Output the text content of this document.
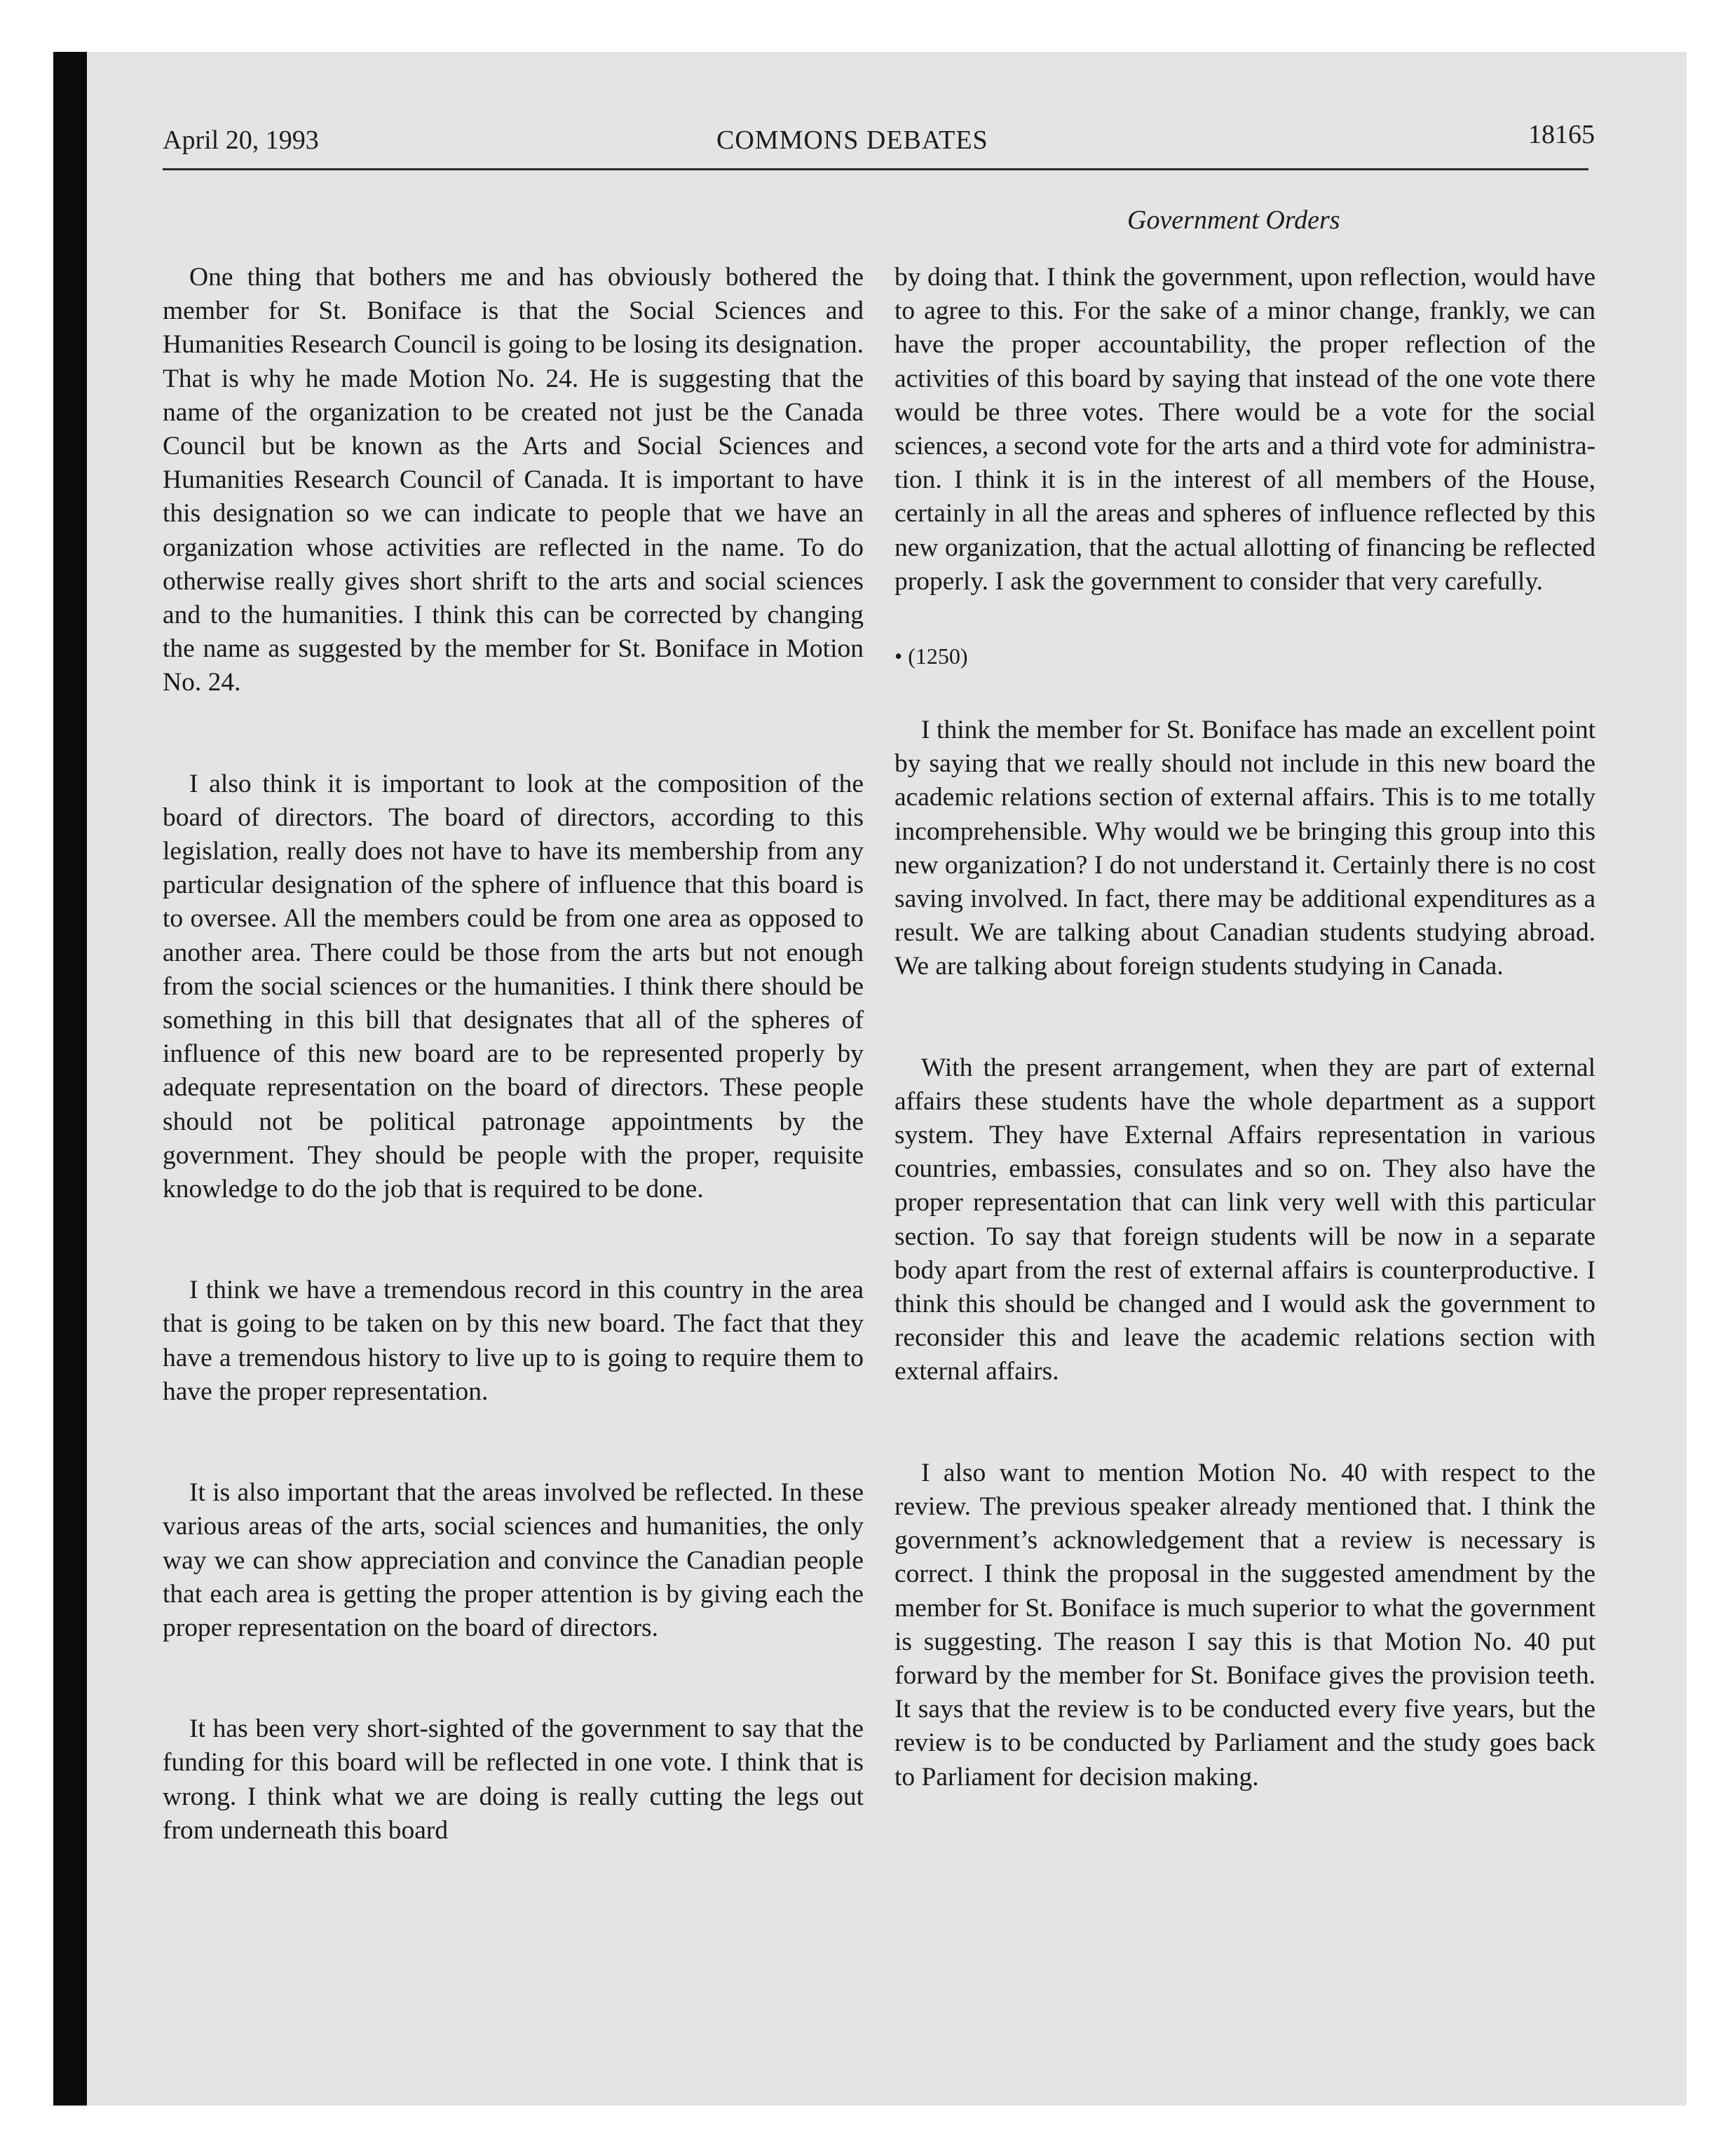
April 20, 1993	COMMONS DEBATES	18165
Government Orders

One thing that bothers me and has obviously bothered the member for St. Boniface is that the Social Sciences and Humanities Research Council is going to be losing its designation. That is why he made Motion No. 24. He is suggesting that the name of the organization to be created not just be the Canada Council but be known as the Arts and Social Sciences and Humanities Research Council of Canada. It is important to have this designation so we can indicate to people that we have an organization whose activities are reflected in the name. To do otherwise really gives short shrift to the arts and social sciences and to the humanities. I think this can be corrected by changing the name as suggested by the member for St. Boniface in Motion No. 24.

I also think it is important to look at the composition of the board of directors. The board of directors, according to this legislation, really does not have to have its membership from any particular designation of the sphere of influence that this board is to oversee. All the members could be from one area as opposed to another area. There could be those from the arts but not enough from the social sciences or the humanities. I think there should be something in this bill that designates that all of the spheres of influence of this new board are to be represented properly by adequate representation on the board of directors. These people should not be political patronage appointments by the government. They should be people with the proper, requisite knowledge to do the job that is required to be done.

I think we have a tremendous record in this country in the area that is going to be taken on by this new board. The fact that they have a tremendous history to live up to is going to require them to have the proper representation.

It is also important that the areas involved be reflected. In these various areas of the arts, social sciences and humanities, the only way we can show appreciation and convince the Canadian people that each area is getting the proper attention is by giving each the proper representation on the board of directors.

It has been very short-sighted of the government to say that the funding for this board will be reflected in one vote. I think that is wrong. I think what we are doing is really cutting the legs out from underneath this board

by doing that. I think the government, upon reflection, would have to agree to this. For the sake of a minor change, frankly, we can have the proper accountability, the proper reflection of the activities of this board by saying that instead of the one vote there would be three votes. There would be a vote for the social sciences, a second vote for the arts and a third vote for administration. I think it is in the interest of all members of the House, certainly in all the areas and spheres of influence reflected by this new organization, that the actual allotting of financing be reflected properly. I ask the government to consider that very carefully.

• (1250)

I think the member for St. Boniface has made an excellent point by saying that we really should not include in this new board the academic relations section of external affairs. This is to me totally incomprehensible. Why would we be bringing this group into this new organization? I do not understand it. Certainly there is no cost saving involved. In fact, there may be additional expenditures as a result. We are talking about Canadian students studying abroad. We are talking about foreign students studying in Canada.

With the present arrangement, when they are part of external affairs these students have the whole department as a support system. They have External Affairs representation in various countries, embassies, consulates and so on. They also have the proper representation that can link very well with this particular section. To say that foreign students will be now in a separate body apart from the rest of external affairs is counterproductive. I think this should be changed and I would ask the government to reconsider this and leave the academic relations section with external affairs.

I also want to mention Motion No. 40 with respect to the review. The previous speaker already mentioned that. I think the government’s acknowledgement that a review is necessary is correct. I think the proposal in the suggested amendment by the member for St. Boniface is much superior to what the government is suggesting. The reason I say this is that Motion No. 40 put forward by the member for St. Boniface gives the provision teeth. It says that the review is to be conducted every five years, but the review is to be conducted by Parliament and the study goes back to Parliament for decision making.
